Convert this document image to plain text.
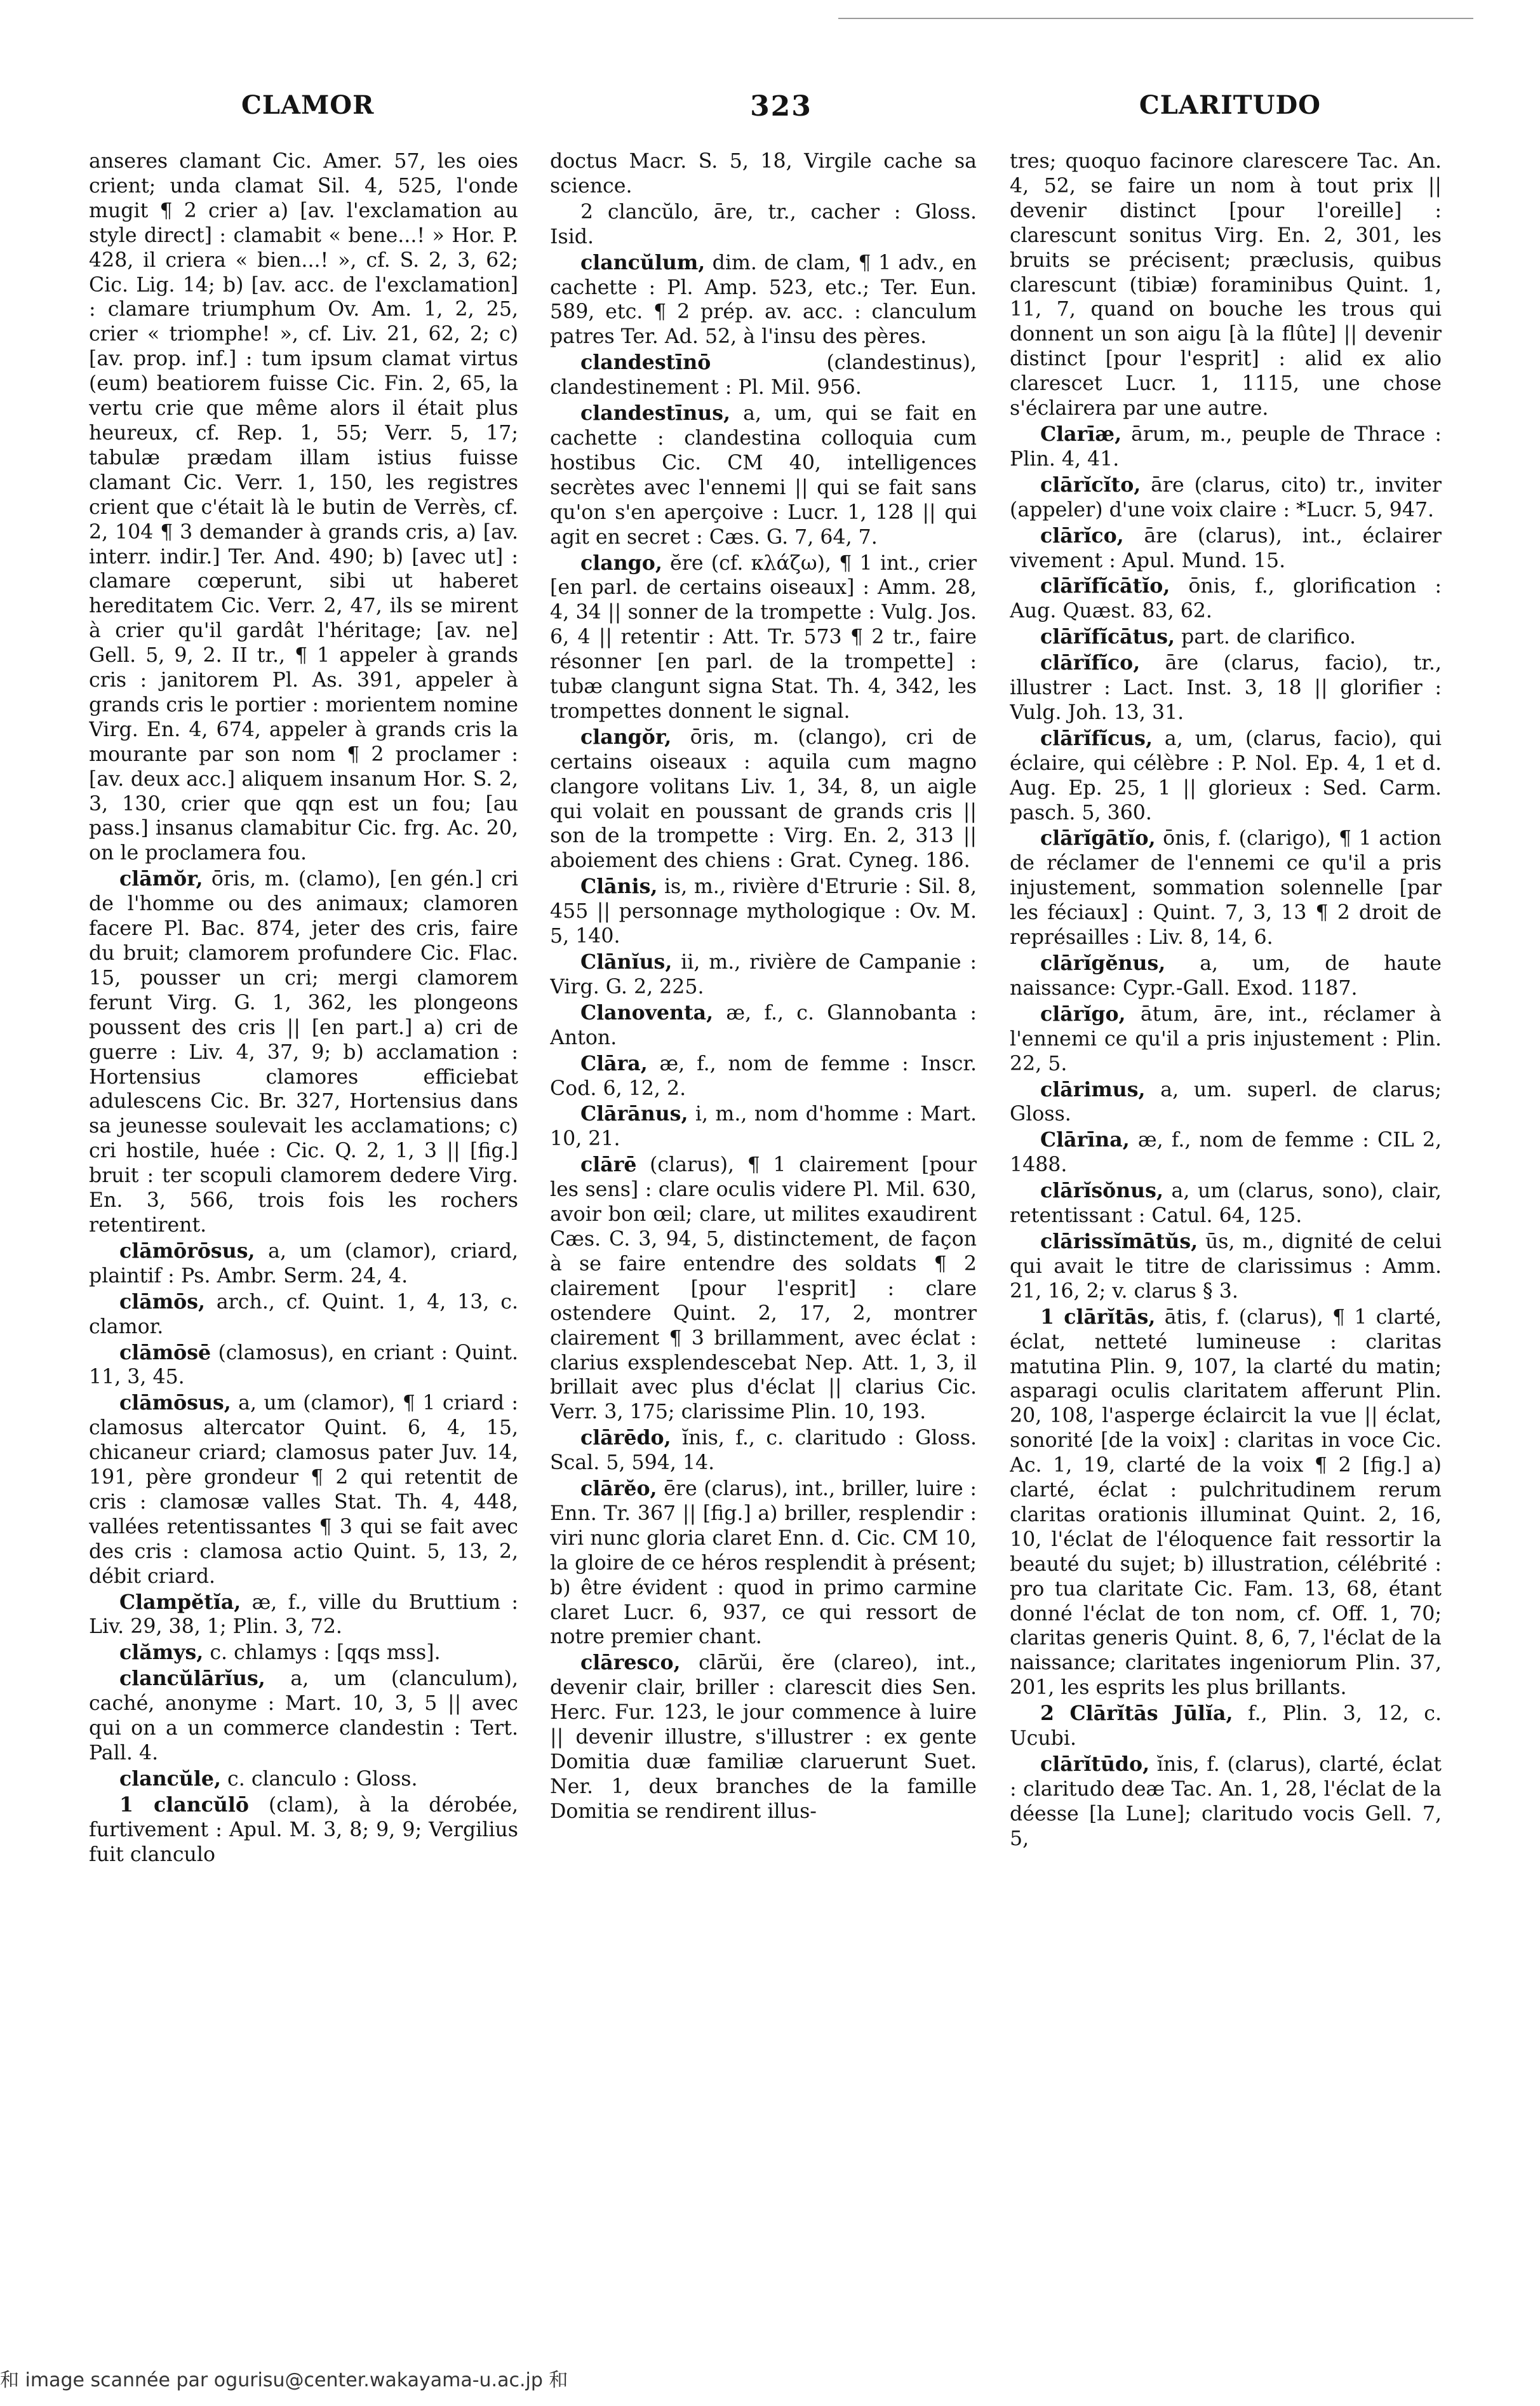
CLAMOR	323	CLARITUDO

anseres clamant Cic. Amer. 57, les oies crient; unda clamat Sil. 4, 525, l'onde mugit ¶ 2 crier a) [av. l'exclamation au style direct] : clamabit « bene...! » Hor. P. 428, il criera « bien...! », cf. S. 2, 3, 62; Cic. Lig. 14; b) [av. acc. de l'exclamation] : clamare triumphum Ov. Am. 1, 2, 25, crier « triomphe! », cf. Liv. 21, 62, 2; c) [av. prop. inf.] : tum ipsum clamat virtus (eum) beatiorem fuisse Cic. Fin. 2, 65, la vertu crie que même alors il était plus heureux, cf. Rep. 1, 55; Verr. 5, 17; tabulæ prædam illam istius fuisse clamant Cic. Verr. 1, 150, les registres crient que c'était là le butin de Verrès, cf. 2, 104 ¶ 3 demander à grands cris, a) [av. interr. indir.] Ter. And. 490; b) [avec ut] : clamare cœperunt, sibi ut haberet hereditatem Cic. Verr. 2, 47, ils se mirent à crier qu'il gardât l'héritage; [av. ne] Gell. 5, 9, 2. II tr., ¶ 1 appeler à grands cris : janitorem Pl. As. 391, appeler à grands cris le portier : morientem nomine Virg. En. 4, 674, appeler à grands cris la mourante par son nom ¶ 2 proclamer : [av. deux acc.] aliquem insanum Hor. S. 2, 3, 130, crier que qqn est un fou; [au pass.] insanus clamabitur Cic. frg. Ac. 20, on le proclamera fou.

clāmŏr, ōris, m. (clamo), [en gén.] cri de l'homme ou des animaux; clamoren facere Pl. Bac. 874, jeter des cris, faire du bruit; clamorem profundere Cic. Flac. 15, pousser un cri; mergi clamorem ferunt Virg. G. 1, 362, les plongeons poussent des cris || [en part.] a) cri de guerre : Liv. 4, 37, 9; b) acclamation : Hortensius clamores efficiebat adulescens Cic. Br. 327, Hortensius dans sa jeunesse soulevait les acclamations; c) cri hostile, huée : Cic. Q. 2, 1, 3 || [fig.] bruit : ter scopuli clamorem dedere Virg. En. 3, 566, trois fois les rochers retentirent.

clāmōrōsus, a, um (clamor), criard, plaintif : Ps. Ambr. Serm. 24, 4.

clāmōs, arch., cf. Quint. 1, 4, 13, c. clamor.

clāmōsē (clamosus), en criant : Quint. 11, 3, 45.

clāmōsus, a, um (clamor), ¶ 1 criard : clamosus altercator Quint. 6, 4, 15, chicaneur criard; clamosus pater Juv. 14, 191, père grondeur ¶ 2 qui retentit de cris : clamosæ valles Stat. Th. 4, 448, vallées retentissantes ¶ 3 qui se fait avec des cris : clamosa actio Quint. 5, 13, 2, débit criard.

Clampĕtĭa, æ, f., ville du Bruttium : Liv. 29, 38, 1; Plin. 3, 72.

clămys, c. chlamys : [qqs mss].

clancŭlārĭus, a, um (clanculum), caché, anonyme : Mart. 10, 3, 5 || avec qui on a un commerce clandestin : Tert. Pall. 4.

clancŭle, c. clanculo : Gloss.

1 clancŭlō (clam), à la dérobée, furtivement : Apul. M. 3, 8; 9, 9; Vergilius fuit clanculo

doctus Macr. S. 5, 18, Virgile cache sa science.

2 clancŭlo, āre, tr., cacher : Gloss. Isid.

clancŭlum, dim. de clam, ¶ 1 adv., en cachette : Pl. Amp. 523, etc.; Ter. Eun. 589, etc. ¶ 2 prép. av. acc. : clanculum patres Ter. Ad. 52, à l'insu des pères.

clandestīnō (clandestinus), clandestinement : Pl. Mil. 956.

clandestīnus, a, um, qui se fait en cachette : clandestina colloquia cum hostibus Cic. CM 40, intelligences secrètes avec l'ennemi || qui se fait sans qu'on s'en aperçoive : Lucr. 1, 128 || qui agit en secret : Cæs. G. 7, 64, 7.

clango, ĕre (cf. κλάζω), ¶ 1 int., crier [en parl. de certains oiseaux] : Amm. 28, 4, 34 || sonner de la trompette : Vulg. Jos. 6, 4 || retentir : Att. Tr. 573 ¶ 2 tr., faire résonner [en parl. de la trompette] : tubæ clangunt signa Stat. Th. 4, 342, les trompettes donnent le signal.

clangŏr, ōris, m. (clango), cri de certains oiseaux : aquila cum magno clangore volitans Liv. 1, 34, 8, un aigle qui volait en poussant de grands cris || son de la trompette : Virg. En. 2, 313 || aboiement des chiens : Grat. Cyneg. 186.

Clānis, is, m., rivière d'Etrurie : Sil. 8, 455 || personnage mythologique : Ov. M. 5, 140.

Clānĭus, ii, m., rivière de Campanie : Virg. G. 2, 225.

Clanoventa, æ, f., c. Glannobanta : Anton.

Clāra, æ, f., nom de femme : Inscr. Cod. 6, 12, 2.

Clārānus, i, m., nom d'homme : Mart. 10, 21.

clārē (clarus), ¶ 1 clairement [pour les sens] : clare oculis videre Pl. Mil. 630, avoir bon œil; clare, ut milites exaudirent Cæs. C. 3, 94, 5, distinctement, de façon à se faire entendre des soldats ¶ 2 clairement [pour l'esprit] : clare ostendere Quint. 2, 17, 2, montrer clairement ¶ 3 brillamment, avec éclat : clarius exsplendescebat Nep. Att. 1, 3, il brillait avec plus d'éclat || clarius Cic. Verr. 3, 175; clarissime Plin. 10, 193.

clārēdo, ĭnis, f., c. claritudo : Gloss. Scal. 5, 594, 14.

clārĕo, ēre (clarus), int., briller, luire : Enn. Tr. 367 || [fig.] a) briller, resplendir : viri nunc gloria claret Enn. d. Cic. CM 10, la gloire de ce héros resplendit à présent; b) être évident : quod in primo carmine claret Lucr. 6, 937, ce qui ressort de notre premier chant.

clāresco, clārŭi, ĕre (clareo), int., devenir clair, briller : clarescit dies Sen. Herc. Fur. 123, le jour commence à luire || devenir illustre, s'illustrer : ex gente Domitia duæ familiæ claruerunt Suet. Ner. 1, deux branches de la famille Domitia se rendirent illus-

tres; quoquo facinore clarescere Tac. An. 4, 52, se faire un nom à tout prix || devenir distinct [pour l'oreille] : clarescunt sonitus Virg. En. 2, 301, les bruits se précisent; præclusis, quibus clarescunt (tibiæ) foraminibus Quint. 1, 11, 7, quand on bouche les trous qui donnent un son aigu [à la flûte] || devenir distinct [pour l'esprit] : alid ex alio clarescet Lucr. 1, 1115, une chose s'éclairera par une autre.

Clarīæ, ārum, m., peuple de Thrace : Plin. 4, 41.

clārĭcĭto, āre (clarus, cito) tr., inviter (appeler) d'une voix claire : *Lucr. 5, 947.

clārĭco, āre (clarus), int., éclairer vivement : Apul. Mund. 15.

clārĭfĭcātĭo, ōnis, f., glorification : Aug. Quæst. 83, 62.

clārĭfĭcātus, part. de clarifico.

clārĭfĭco, āre (clarus, facio), tr., illustrer : Lact. Inst. 3, 18 || glorifier : Vulg. Joh. 13, 31.

clārĭfĭcus, a, um, (clarus, facio), qui éclaire, qui célèbre : P. Nol. Ep. 4, 1 et d. Aug. Ep. 25, 1 || glorieux : Sed. Carm. pasch. 5, 360.

clārĭgātĭo, ōnis, f. (clarigo), ¶ 1 action de réclamer de l'ennemi ce qu'il a pris injustement, sommation solennelle [par les féciaux] : Quint. 7, 3, 13 ¶ 2 droit de représailles : Liv. 8, 14, 6.

clārĭgĕnus, a, um, de haute naissance: Cypr.-Gall. Exod. 1187.

clārĭgo, ātum, āre, int., réclamer à l'ennemi ce qu'il a pris injustement : Plin. 22, 5.

clārimus, a, um. superl. de clarus; Gloss.

Clārīna, æ, f., nom de femme : CIL 2, 1488.

clārĭsŏnus, a, um (clarus, sono), clair, retentissant : Catul. 64, 125.

clārissĭmātŭs, ūs, m., dignité de celui qui avait le titre de clarissimus : Amm. 21, 16, 2; v. clarus § 3.

1 clārĭtās, ātis, f. (clarus), ¶ 1 clarté, éclat, netteté lumineuse : claritas matutina Plin. 9, 107, la clarté du matin; asparagi oculis claritatem afferunt Plin. 20, 108, l'asperge éclaircit la vue || éclat, sonorité [de la voix] : claritas in voce Cic. Ac. 1, 19, clarté de la voix ¶ 2 [fig.] a) clarté, éclat : pulchritudinem rerum claritas orationis illuminat Quint. 2, 16, 10, l'éclat de l'éloquence fait ressortir la beauté du sujet; b) illustration, célébrité : pro tua claritate Cic. Fam. 13, 68, étant donné l'éclat de ton nom, cf. Off. 1, 70; claritas generis Quint. 8, 6, 7, l'éclat de la naissance; claritates ingeniorum Plin. 37, 201, les esprits les plus brillants.

2 Clārĭtās Jūlĭa, f., Plin. 3, 12, c. Ucubi.

clārĭtūdo, ĭnis, f. (clarus), clarté, éclat : claritudo deæ Tac. An. 1, 28, l'éclat de la déesse [la Lune]; claritudo vocis Gell. 7, 5,

和 image scannée par ogurisu@center.wakayama-u.ac.jp 和
